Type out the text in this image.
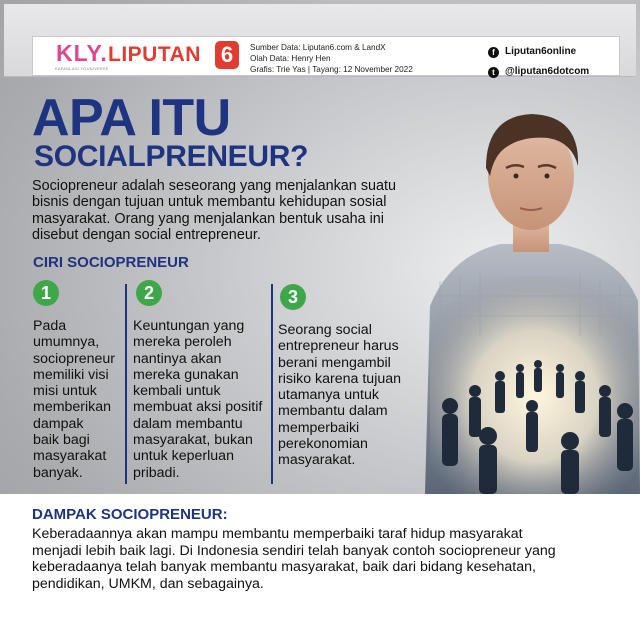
KLY.
KAPANLAGI YOUNIVERSE
LIPUTAN 6	Sumber Data: Liputan6.com & LandX
Olah Data: Henry Hen
Grafis: Trie Yas | Tayang: 12 November 2022
f	Liputan6online
t	@liputan6dotcom
APA ITU
SOCIALPRENEUR?
Sociopreneur adalah seseorang yang menjalankan suatu
bisnis dengan tujuan untuk membantu kehidupan sosial
masyarakat. Orang yang menjalankan bentuk usaha ini
disebut dengan social entrepreneur.
CIRI SOCIOPRENEUR
1
Pada
umumnya,
sociopreneur
memiliki visi
misi untuk
memberikan
dampak
baik bagi
masyarakat
banyak.
2
Keuntungan yang
mereka peroleh
nantinya akan
mereka gunakan
kembali untuk
membuat aksi positif
dalam membantu
masyarakat, bukan
untuk keperluan
pribadi.
3
Seorang social
entrepreneur harus
berani mengambil
risiko karena tujuan
utamanya untuk
membantu dalam
memperbaiki
perekonomian
masyarakat.
DAMPAK SOCIOPRENEUR:
Keberadaannya akan mampu membantu memperbaiki taraf hidup masyarakat
menjadi lebih baik lagi. Di Indonesia sendiri telah banyak contoh sociopreneur yang
keberadaanya telah banyak membantu masyarakat, baik dari bidang kesehatan,
pendidikan, UMKM, dan sebagainya.
